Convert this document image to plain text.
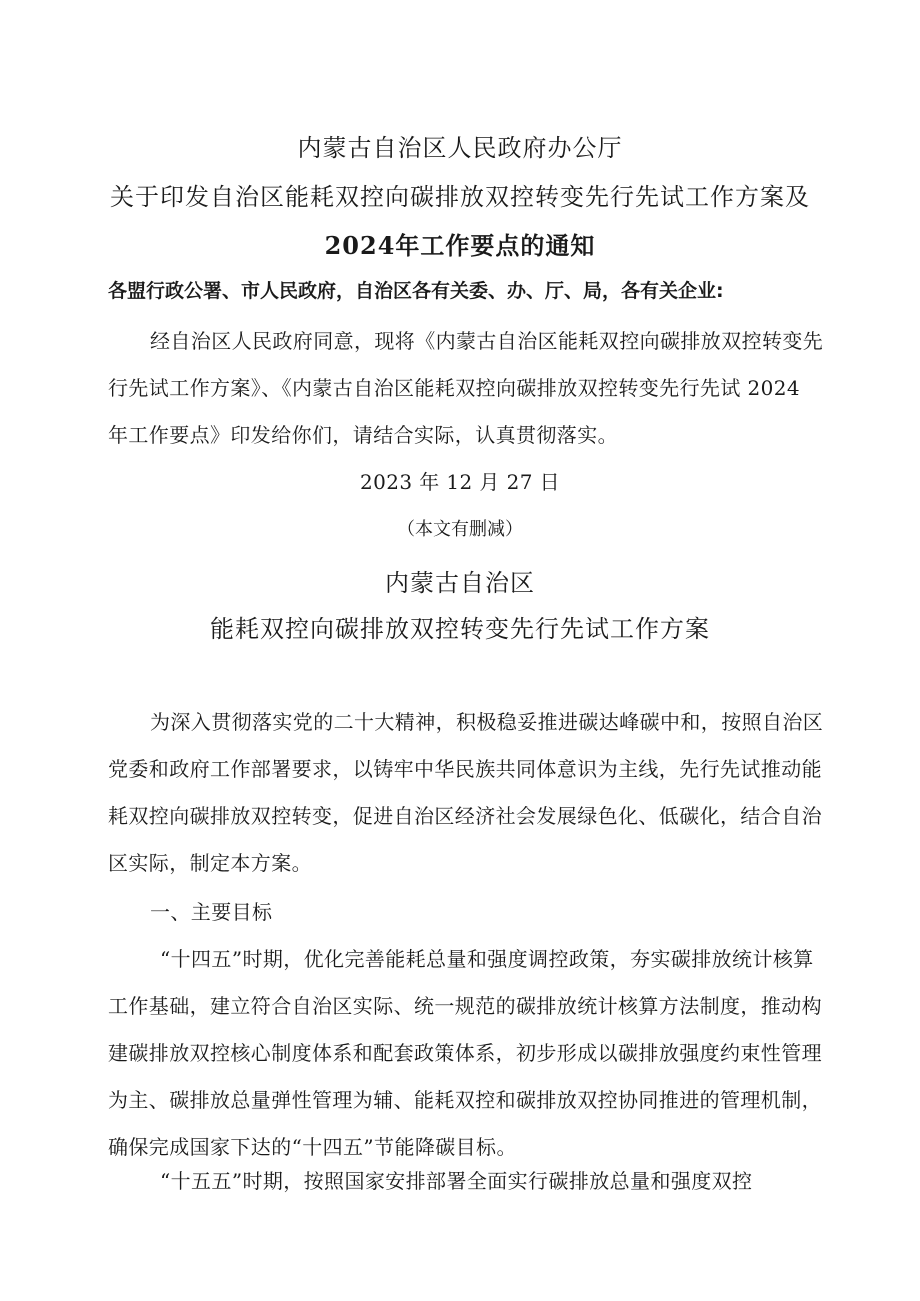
内蒙古自治区人民政府办公厅
关于印发自治区能耗双控向碳排放双控转变先行先试工作方案及
2024年工作要点的通知
各盟行政公署、市人民政府，自治区各有关委、办、厅、局，各有关企业:
经自治区人民政府同意，现将《内蒙古自治区能耗双控向碳排放双控转变先
行先试工作方案》、《内蒙古自治区能耗双控向碳排放双控转变先行先试 2024
年工作要点》印发给你们，请结合实际，认真贯彻落实。
2023 年 12 月 27 日
（本文有删减）
内蒙古自治区
能耗双控向碳排放双控转变先行先试工作方案
为深入贯彻落实党的二十大精神，积极稳妥推进碳达峰碳中和，按照自治区
党委和政府工作部署要求，以铸牢中华民族共同体意识为主线，先行先试推动能
耗双控向碳排放双控转变，促进自治区经济社会发展绿色化、低碳化，结合自治
区实际，制定本方案。
一、主要目标
“十四五”时期，优化完善能耗总量和强度调控政策，夯实碳排放统计核算
工作基础，建立符合自治区实际、统一规范的碳排放统计核算方法制度，推动构
建碳排放双控核心制度体系和配套政策体系，初步形成以碳排放强度约束性管理
为主、碳排放总量弹性管理为辅、能耗双控和碳排放双控协同推进的管理机制，
确保完成国家下达的“十四五”节能降碳目标。
“十五五”时期，按照国家安排部署全面实行碳排放总量和强度双控
